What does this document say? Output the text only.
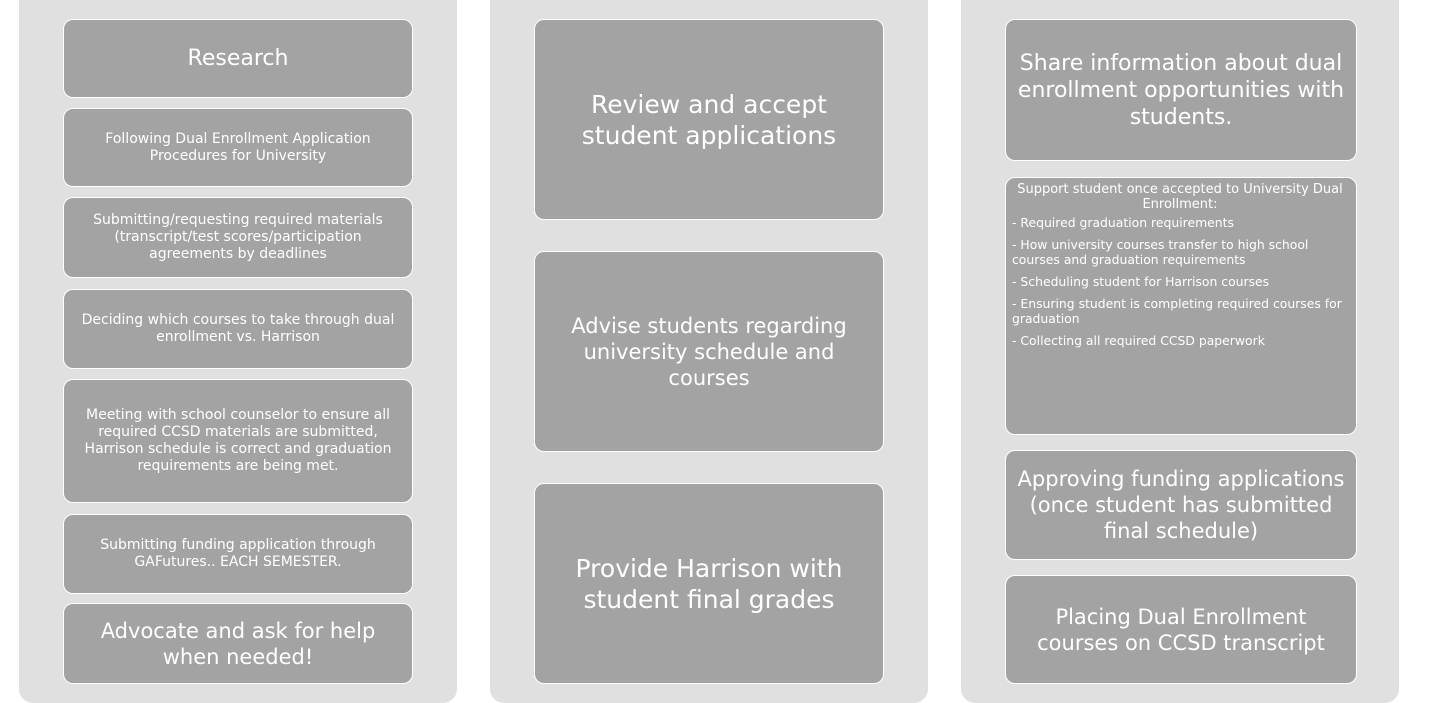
Research
Following Dual Enrollment Application Procedures for University
Submitting/requesting required materials (transcript/test scores/participation agreements by deadlines
Deciding which courses to take through dual enrollment vs. Harrison
Meeting with school counselor to ensure all required CCSD materials are submitted, Harrison schedule is correct and graduation requirements are being met.
Submitting funding application through GAFutures.. EACH SEMESTER.
Advocate and ask for help when needed!
Review and accept student applications
Advise students regarding university schedule and courses
Provide Harrison with student final grades
Share information about dual enrollment opportunities with students.
Support student once accepted to University Dual Enrollment:
- Required graduation requirements
- How university courses transfer to high school courses and graduation requirements
- Scheduling student for Harrison courses
- Ensuring student is completing required courses for graduation
- Collecting all required CCSD paperwork
Approving funding applications (once student has submitted final schedule)
Placing Dual Enrollment courses on CCSD transcript
